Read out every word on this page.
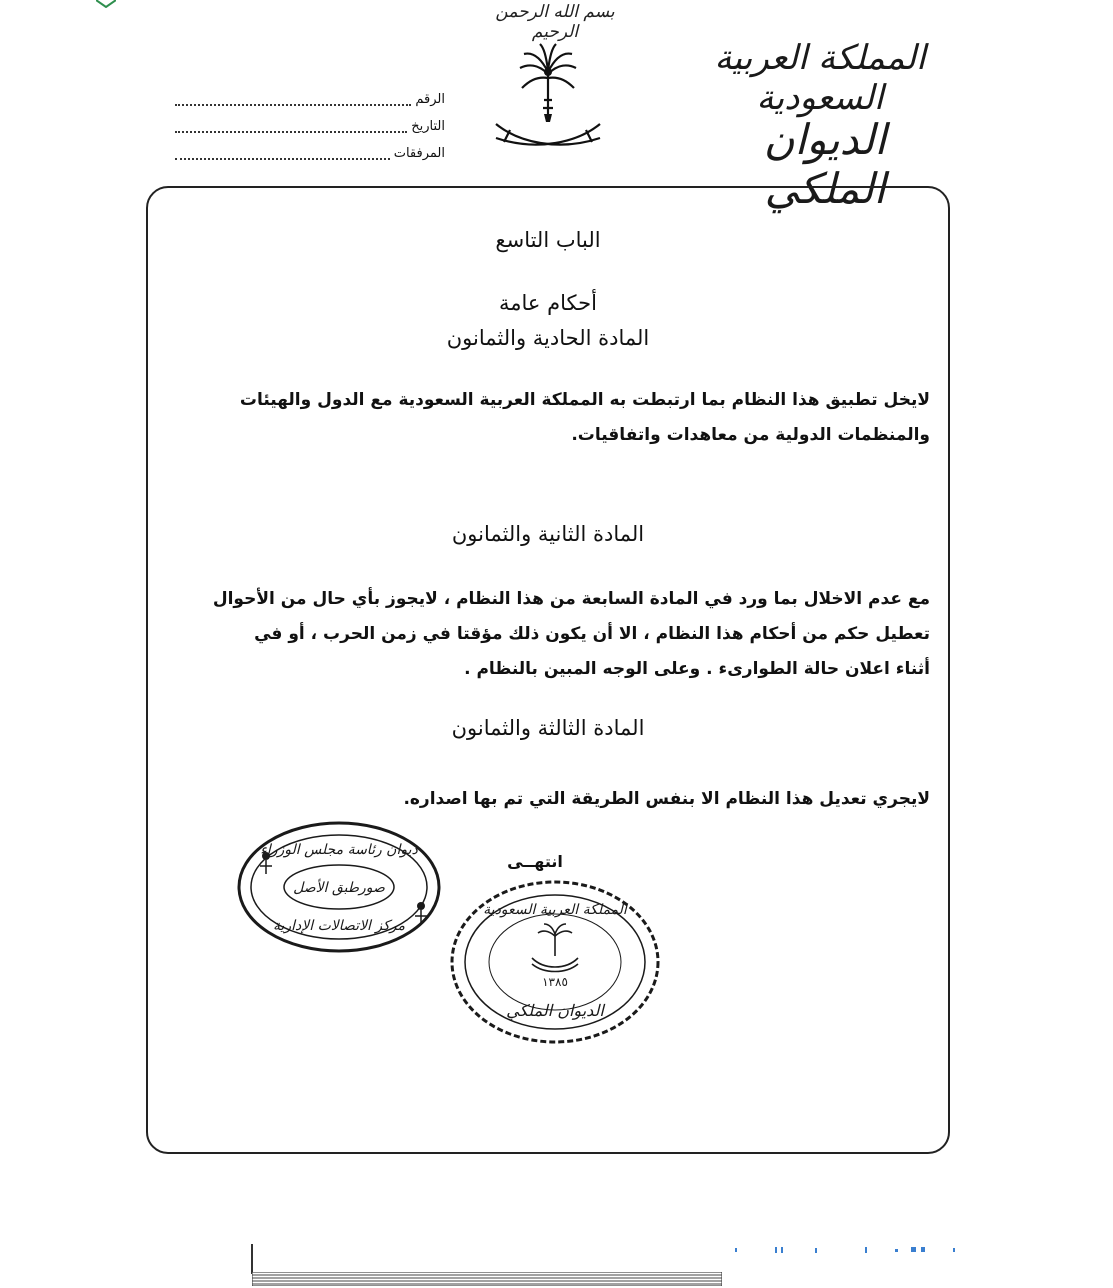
بسم الله الرحمن الرحيم
المملكة العربية السعودية
الديوان الملكي
الرقم
التاريخ
المرفقات
الباب التاسع
أحكام عامة
المادة الحادية والثمانون
لايخل تطبيق هذا النظام بما ارتبطت به المملكة العربية السعودية مع الدول والهيئات
والمنظمات الدولية من معاهدات واتفاقيات.
المادة الثانية والثمانون
مع عدم الاخلال بما ورد في المادة السابعة من هذا النظام ، لايجوز بأي حال من الأحوال
تعطيل حكم من أحكام هذا النظام ، الا أن يكون ذلك مؤقتا في زمن الحرب ، أو في
أثناء اعلان حالة الطوارىء . وعلى الوجه المبين بالنظام .
المادة الثالثة والثمانون
لايجري تعديل هذا النظام الا بنفس الطريقة التي تم بها اصداره.
انتهــى
ديوان رئاسة مجلس الوزراء
صورطبق الأصل
مركز الاتصالات الإدارية
المملكة العربية السعودية
١٣٨٥
الديوان الملكي
